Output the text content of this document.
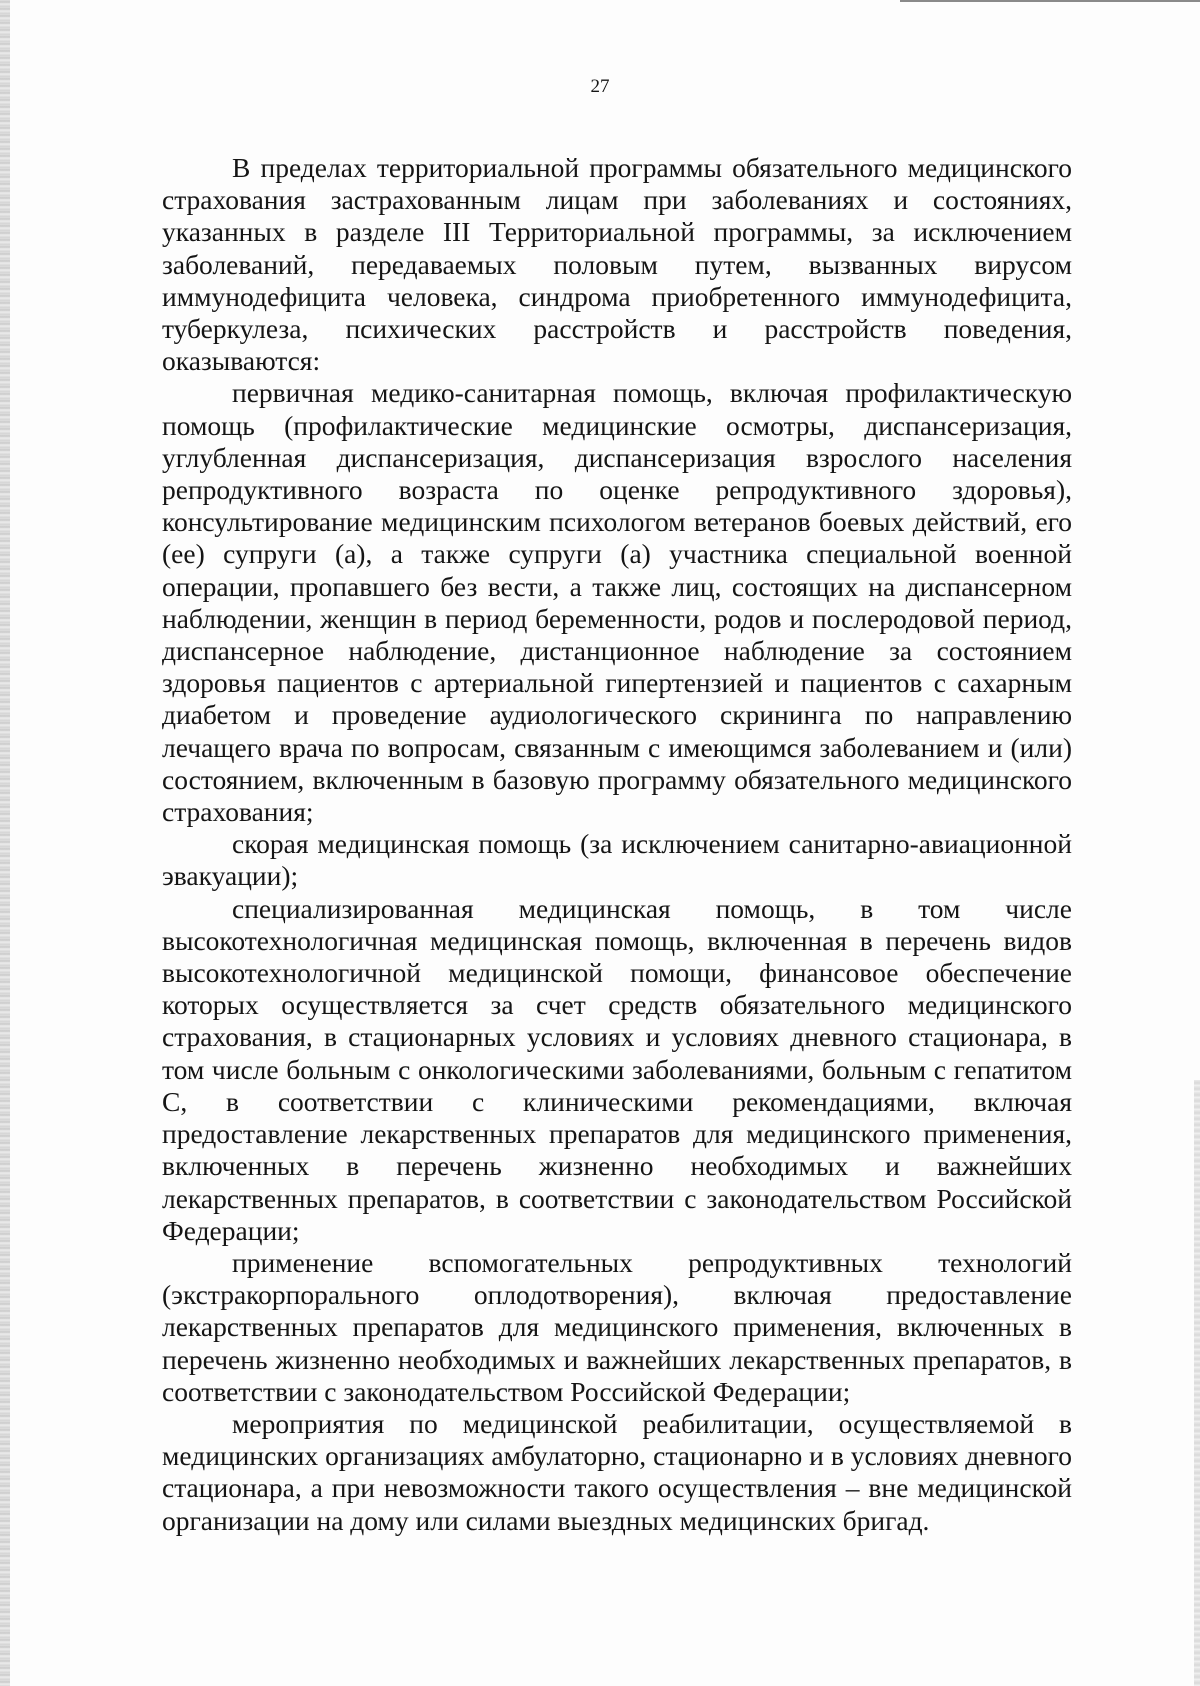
27

В пределах территориальной программы обязательного медицинского страхования застрахованным лицам при заболеваниях и состояниях, указанных в разделе III Территориальной программы, за исключением заболеваний, передаваемых половым путем, вызванных вирусом иммунодефицита человека, синдрома приобретенного иммунодефицита, туберкулеза, психических расстройств и расстройств поведения, оказываются:

первичная медико-санитарная помощь, включая профилактическую помощь (профилактические медицинские осмотры, диспансеризация, углубленная диспансеризация, диспансеризация взрослого населения репродуктивного возраста по оценке репродуктивного здоровья), консультирование медицинским психологом ветеранов боевых действий, его (ее) супруги (а), а также супруги (а) участника специальной военной операции, пропавшего без вести, а также лиц, состоящих на диспансерном наблюдении, женщин в период беременности, родов и послеродовой период, диспансерное наблюдение, дистанционное наблюдение за состоянием здоровья пациентов с артериальной гипертензией и пациентов с сахарным диабетом и проведение аудиологического скрининга по направлению лечащего врача по вопросам, связанным с имеющимся заболеванием и (или) состоянием, включенным в базовую программу обязательного медицинского страхования;

скорая медицинская помощь (за исключением санитарно-авиационной эвакуации);

специализированная медицинская помощь, в том числе высокотехнологичная медицинская помощь, включенная в перечень видов высокотехнологичной медицинской помощи, финансовое обеспечение которых осуществляется за счет средств обязательного медицинского страхования, в стационарных условиях и условиях дневного стационара, в том числе больным с онкологическими заболеваниями, больным с гепатитом С, в соответствии с клиническими рекомендациями, включая предоставление лекарственных препаратов для медицинского применения, включенных в перечень жизненно необходимых и важнейших лекарственных препаратов, в соответствии с законодательством Российской Федерации;

применение вспомогательных репродуктивных технологий (экстракорпорального оплодотворения), включая предоставление лекарственных препаратов для медицинского применения, включенных в перечень жизненно необходимых и важнейших лекарственных препаратов, в соответствии с законодательством Российской Федерации;

мероприятия по медицинской реабилитации, осуществляемой в медицинских организациях амбулаторно, стационарно и в условиях дневного стационара, а при невозможности такого осуществления – вне медицинской организации на дому или силами выездных медицинских бригад.
